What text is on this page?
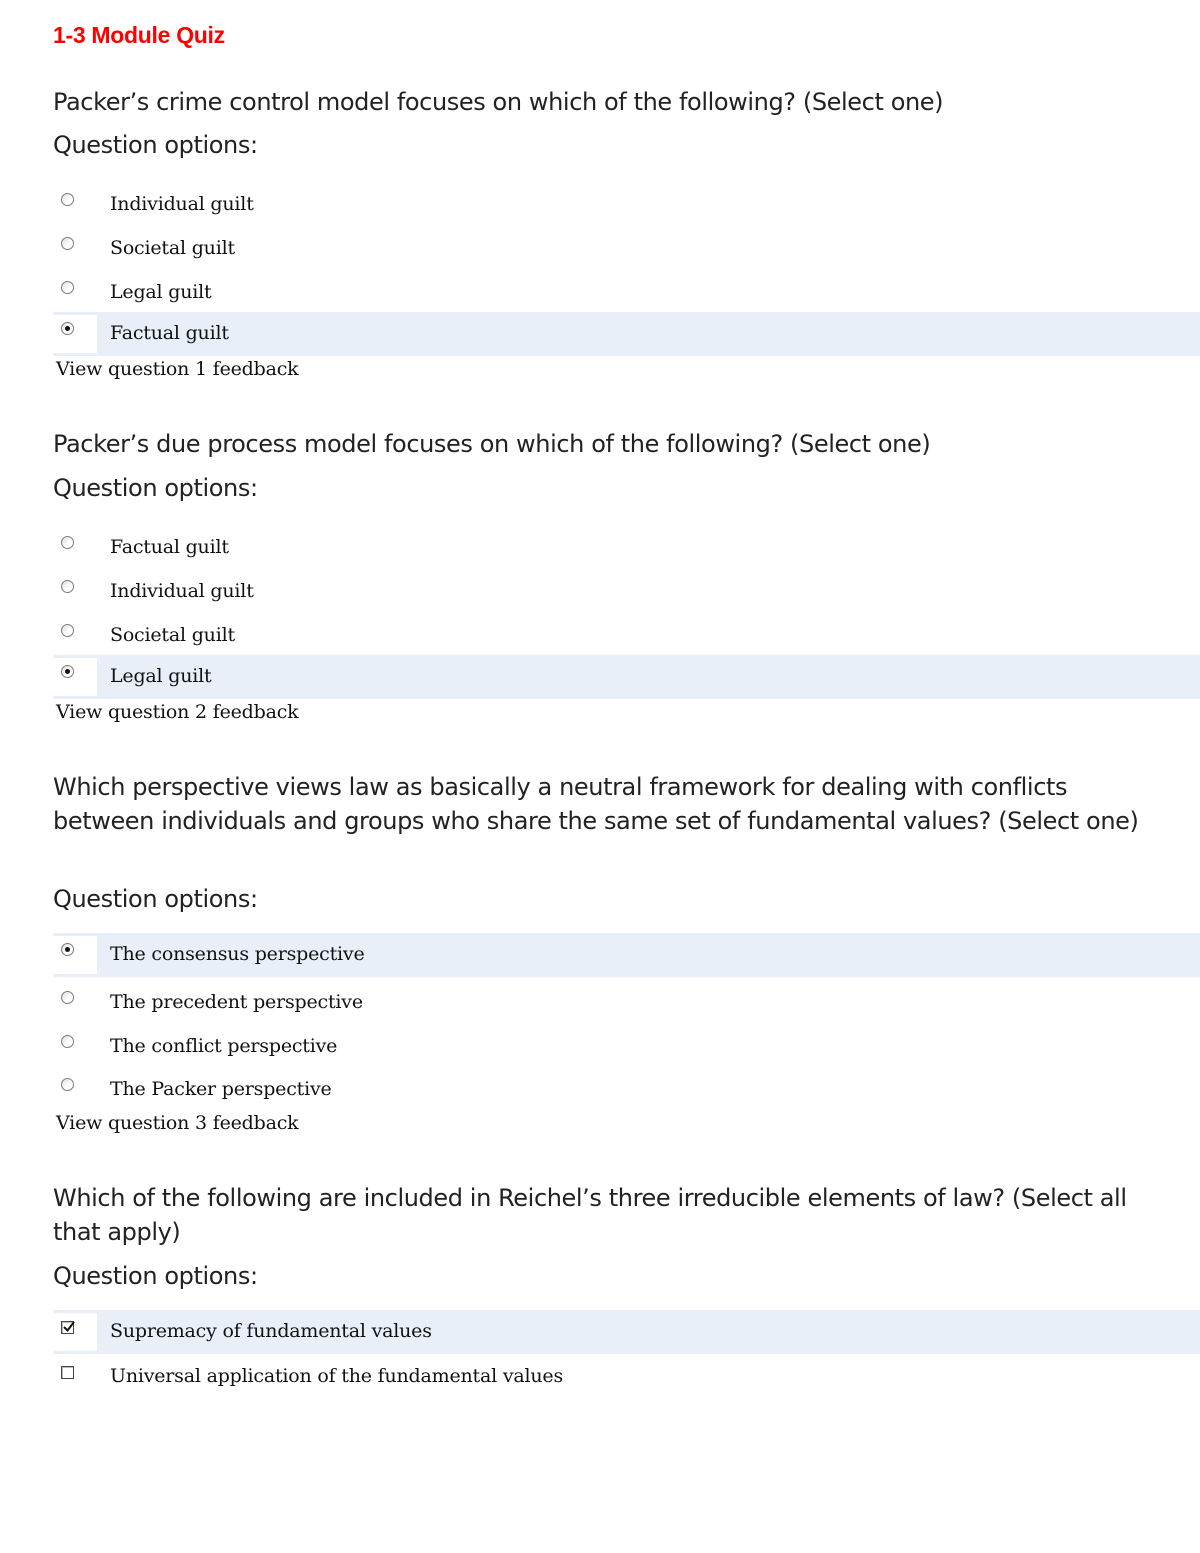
1-3 Module Quiz
Packer’s crime control model focuses on which of the following? (Select one)
Question options:
Individual guilt
Societal guilt
Legal guilt
Factual guilt
View question 1 feedback
Packer’s due process model focuses on which of the following? (Select one)
Question options:
Factual guilt
Individual guilt
Societal guilt
Legal guilt
View question 2 feedback
Which perspective views law as basically a neutral framework for dealing with conflicts between individuals and groups who share the same set of fundamental values? (Select one)
Question options:
The consensus perspective
The precedent perspective
The conflict perspective
The Packer perspective
View question 3 feedback
Which of the following are included in Reichel’s three irreducible elements of law? (Select all that apply)
Question options:
Supremacy of fundamental values
Universal application of the fundamental values
